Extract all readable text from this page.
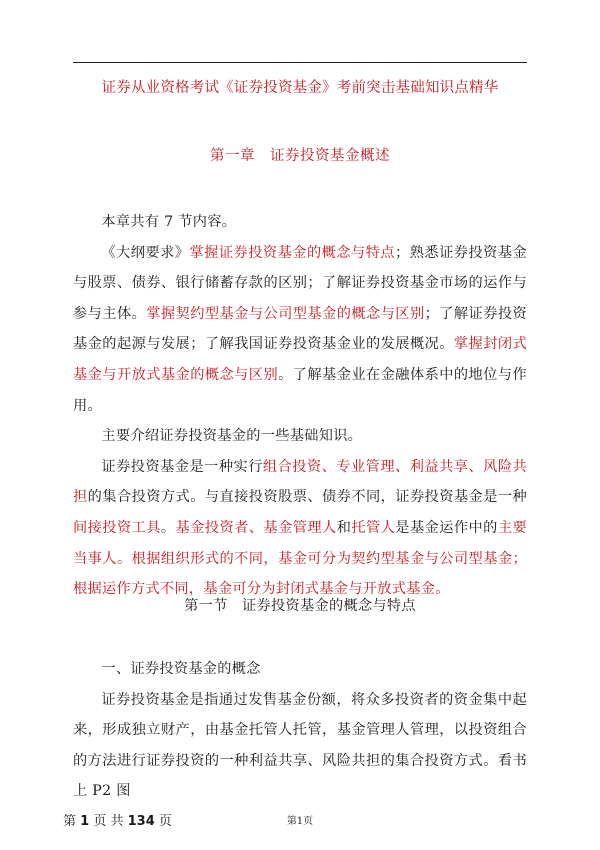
证券从业资格考试《证券投资基金》考前突击基础知识点精华
第一章　证券投资基金概述

本章共有 7 节内容。

《大纲要求》掌握证券投资基金的概念与特点；熟悉证券投资基金与股票、债券、银行储蓄存款的区别；了解证券投资基金市场的运作与参与主体。掌握契约型基金与公司型基金的概念与区别；了解证券投资基金的起源与发展；了解我国证券投资基金业的发展概况。掌握封闭式基金与开放式基金的概念与区别。了解基金业在金融体系中的地位与作用。

主要介绍证券投资基金的一些基础知识。

证券投资基金是一种实行组合投资、专业管理、利益共享、风险共担的集合投资方式。与直接投资股票、债券不同，证券投资基金是一种间接投资工具。基金投资者、基金管理人和托管人是基金运作中的主要当事人。根据组织形式的不同，基金可分为契约型基金与公司型基金；根据运作方式不同，基金可分为封闭式基金与开放式基金。

第一节　证券投资基金的概念与特点

一、证券投资基金的概念

证券投资基金是指通过发售基金份额，将众多投资者的资金集中起来，形成独立财产，由基金托管人托管，基金管理人管理，以投资组合的方法进行证券投资的一种利益共享、风险共担的集合投资方式。看书上 P2 图

第 1 页 共 134 页	第1页
